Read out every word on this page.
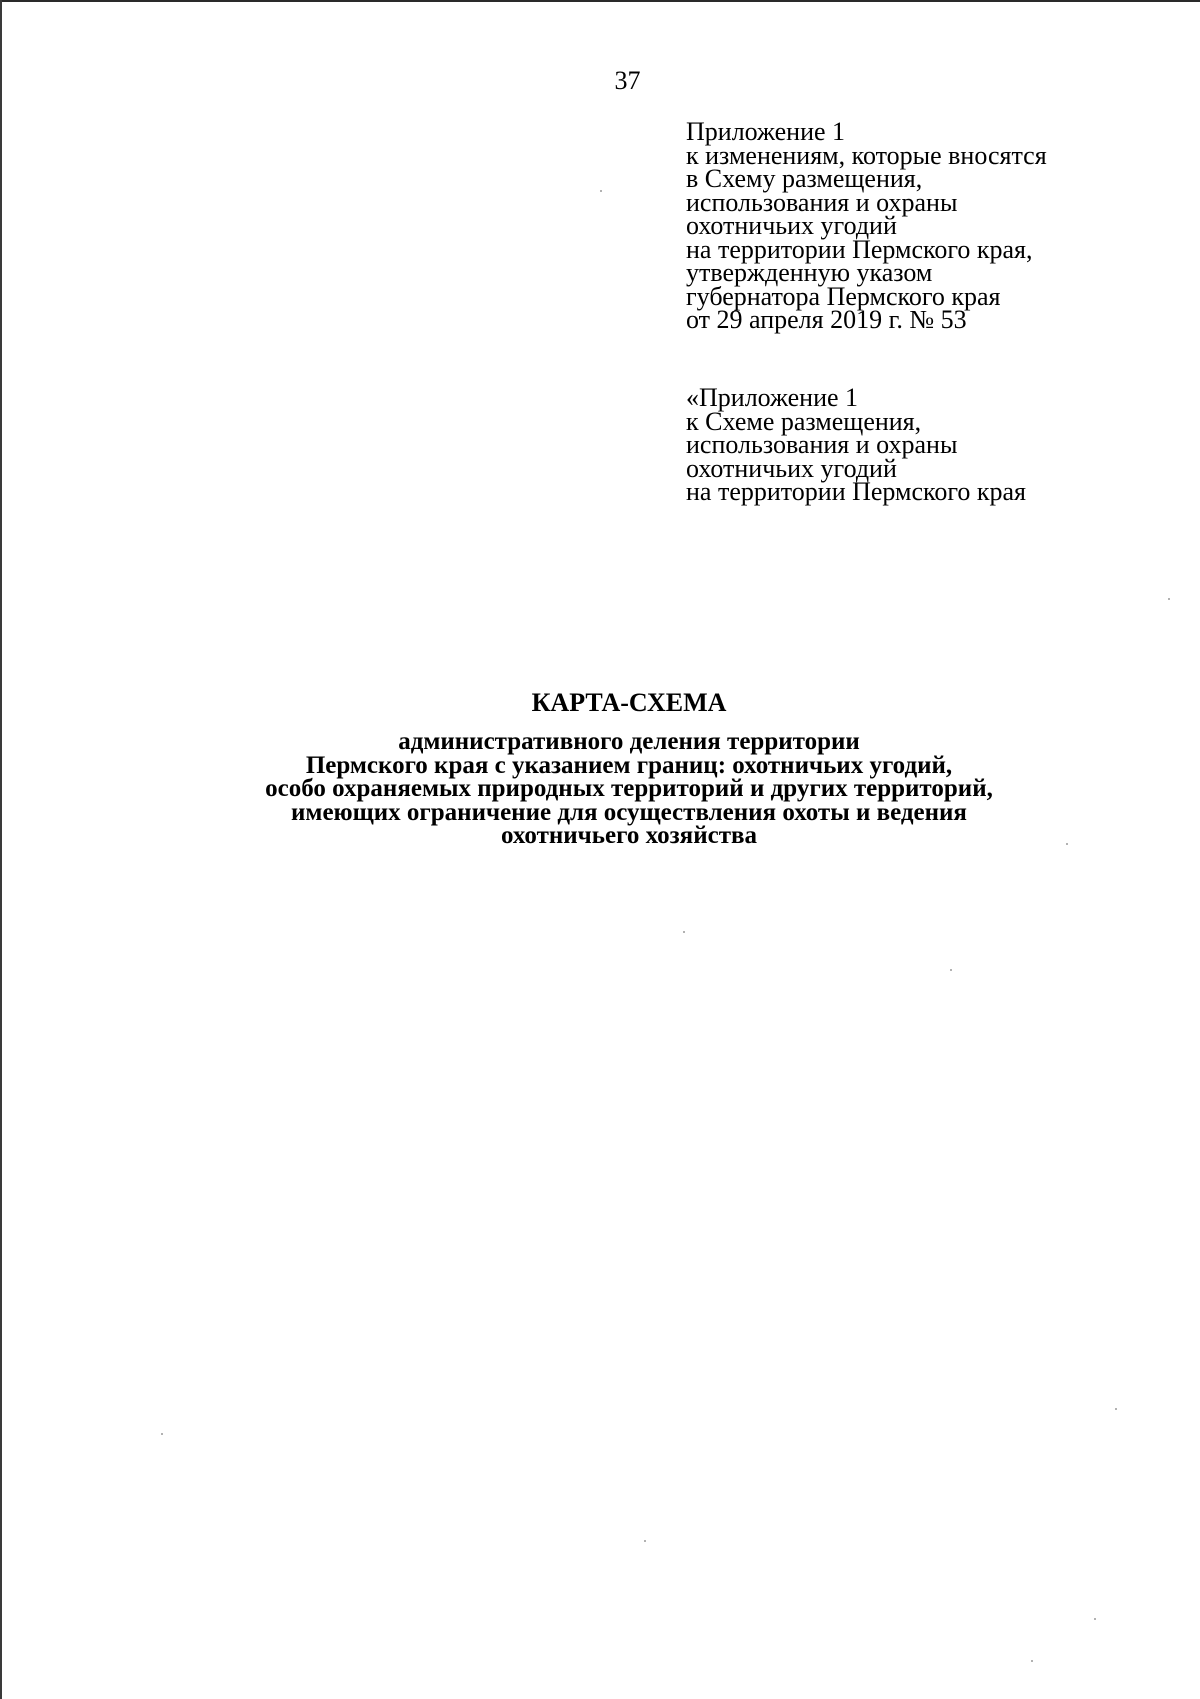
37
Приложение 1
к изменениям, которые вносятся
в Схему размещения,
использования и охраны
охотничьих угодий
на территории Пермского края,
утвержденную указом
губернатора Пермского края
от 29 апреля 2019 г. № 53
«Приложение 1
к Схеме размещения,
использования и охраны
охотничьих угодий
на территории Пермского края
КАРТА-СХЕМА
административного деления территории
Пермского края с указанием границ: охотничьих угодий,
особо охраняемых природных территорий и других территорий,
имеющих ограничение для осуществления охоты и ведения
охотничьего хозяйства
